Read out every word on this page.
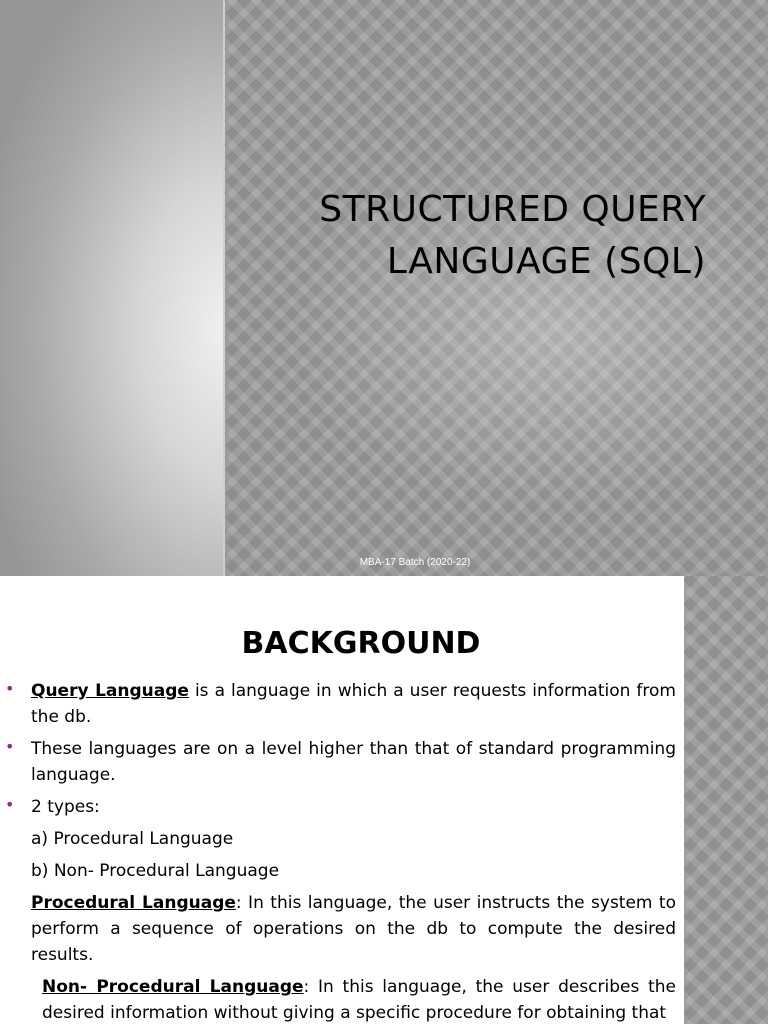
STRUCTURED QUERY
LANGUAGE (SQL)
MBA-17 Batch (2020-22)
BACKGROUND

• Query Language is a language in which a user requests information from the db.

• These languages are on a level higher than that of standard programming language.

• 2 types:

a) Procedural Language

b) Non- Procedural Language

Procedural Language: In this language, the user instructs the system to perform a sequence of operations on the db to compute the desired results.

Non- Procedural Language: In this language, the user describes the desired information without giving a specific procedure for obtaining that
